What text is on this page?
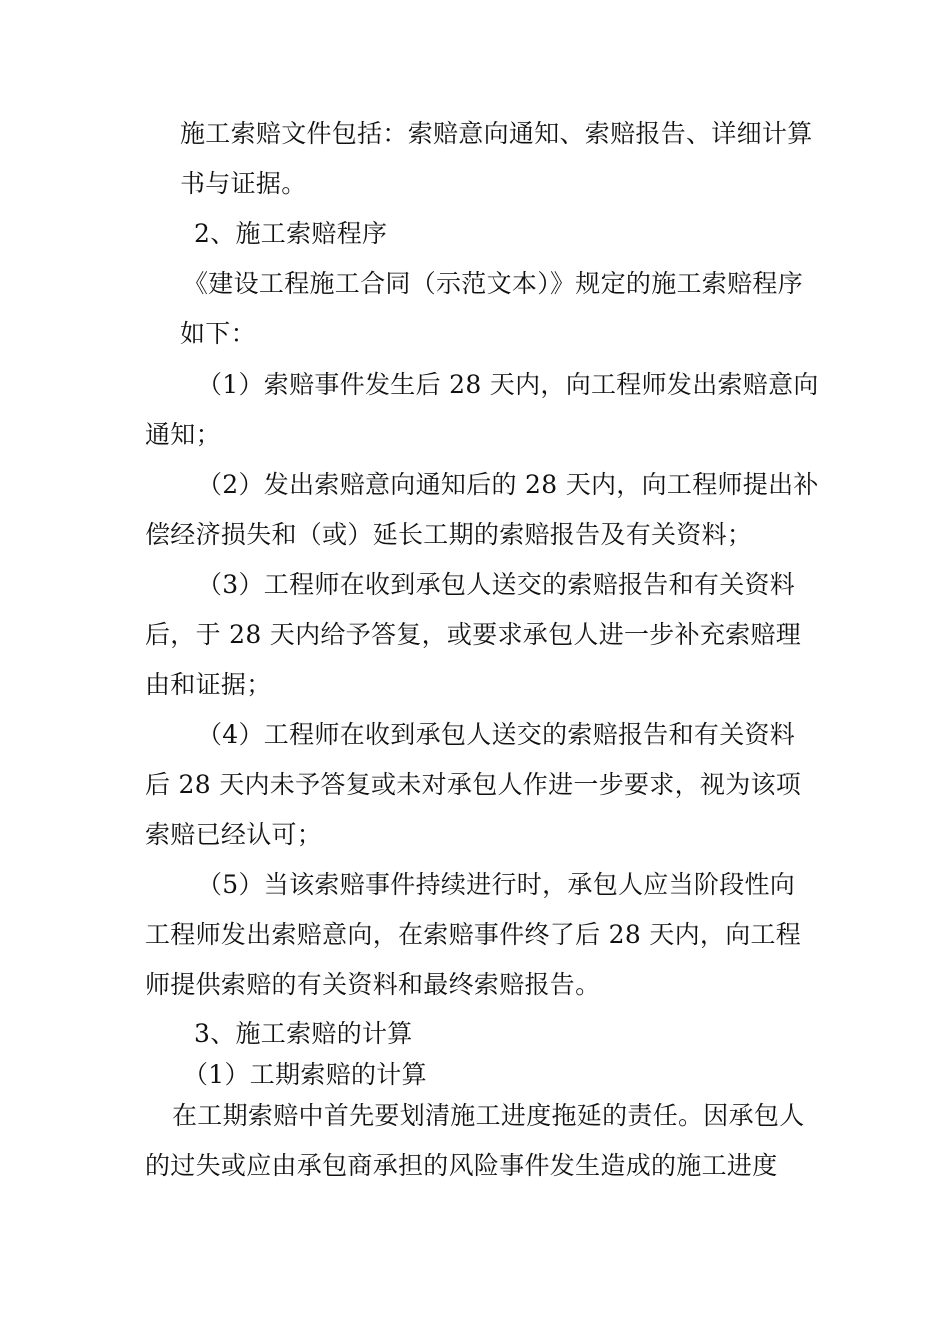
施工索赔文件包括：索赔意向通知、索赔报告、详细计算

书与证据。

2、施工索赔程序

《建设工程施工合同（示范文本）》规定的施工索赔程序

如下：

（1）索赔事件发生后 28 天内，向工程师发出索赔意向

通知；

（2）发出索赔意向通知后的 28 天内，向工程师提出补

偿经济损失和（或）延长工期的索赔报告及有关资料；

（3）工程师在收到承包人送交的索赔报告和有关资料

后，于 28 天内给予答复，或要求承包人进一步补充索赔理

由和证据；

（4）工程师在收到承包人送交的索赔报告和有关资料

后 28 天内未予答复或未对承包人作进一步要求，视为该项

索赔已经认可；

（5）当该索赔事件持续进行时，承包人应当阶段性向

工程师发出索赔意向，在索赔事件终了后 28 天内，向工程

师提供索赔的有关资料和最终索赔报告。

3、施工索赔的计算

（1）工期索赔的计算

在工期索赔中首先要划清施工进度拖延的责任。因承包人

的过失或应由承包商承担的风险事件发生造成的施工进度
